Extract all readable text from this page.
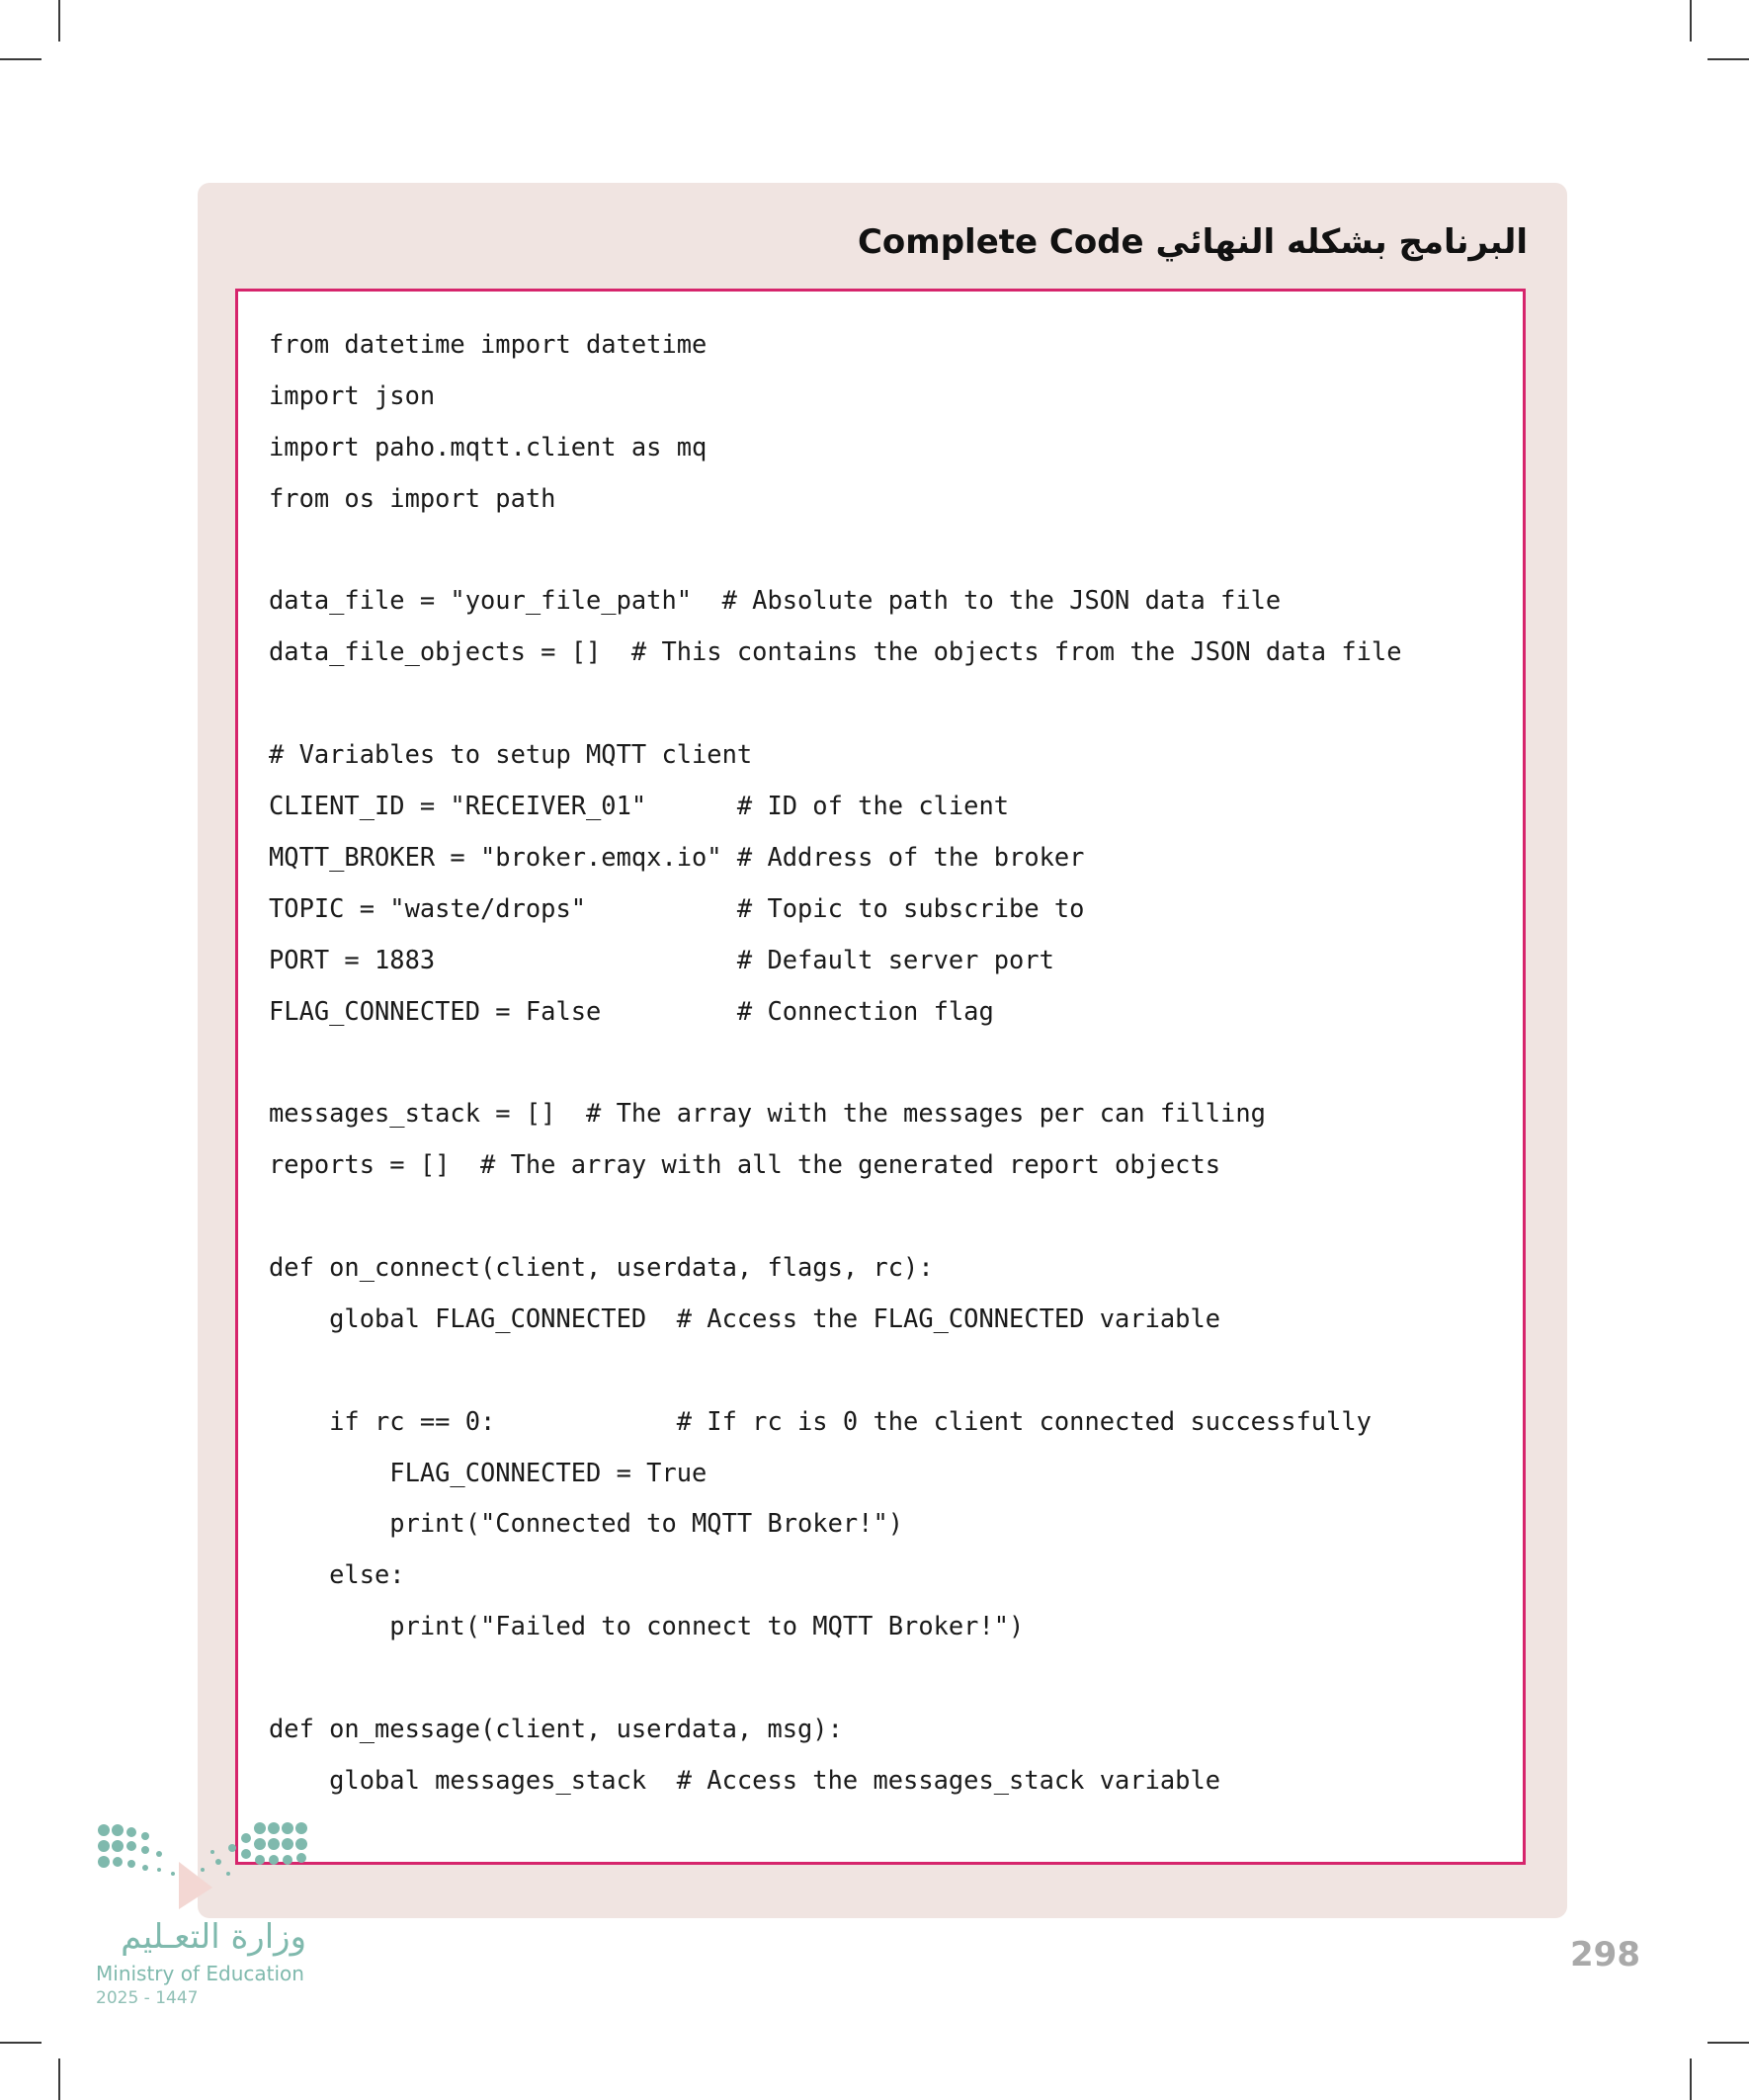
البرنامج بشكله النهائي Complete Code
from datetime import datetime
import json
import paho.mqtt.client as mq
from os import path

data_file = "your_file_path"  # Absolute path to the JSON data file
data_file_objects = []  # This contains the objects from the JSON data file

# Variables to setup MQTT client
CLIENT_ID = "RECEIVER_01"      # ID of the client
MQTT_BROKER = "broker.emqx.io" # Address of the broker
TOPIC = "waste/drops"          # Topic to subscribe to
PORT = 1883                    # Default server port
FLAG_CONNECTED = False         # Connection flag

messages_stack = []  # The array with the messages per can filling
reports = []  # The array with all the generated report objects

def on_connect(client, userdata, flags, rc):
global FLAG_CONNECTED  # Access the FLAG_CONNECTED variable

if rc == 0:            # If rc is 0 the client connected successfully
FLAG_CONNECTED = True
print("Connected to MQTT Broker!")
else:
print("Failed to connect to MQTT Broker!")

def on_message(client, userdata, msg):
global messages_stack  # Access the messages_stack variable
وزارة التعـليم
Ministry of Education
2025 - 1447
298
